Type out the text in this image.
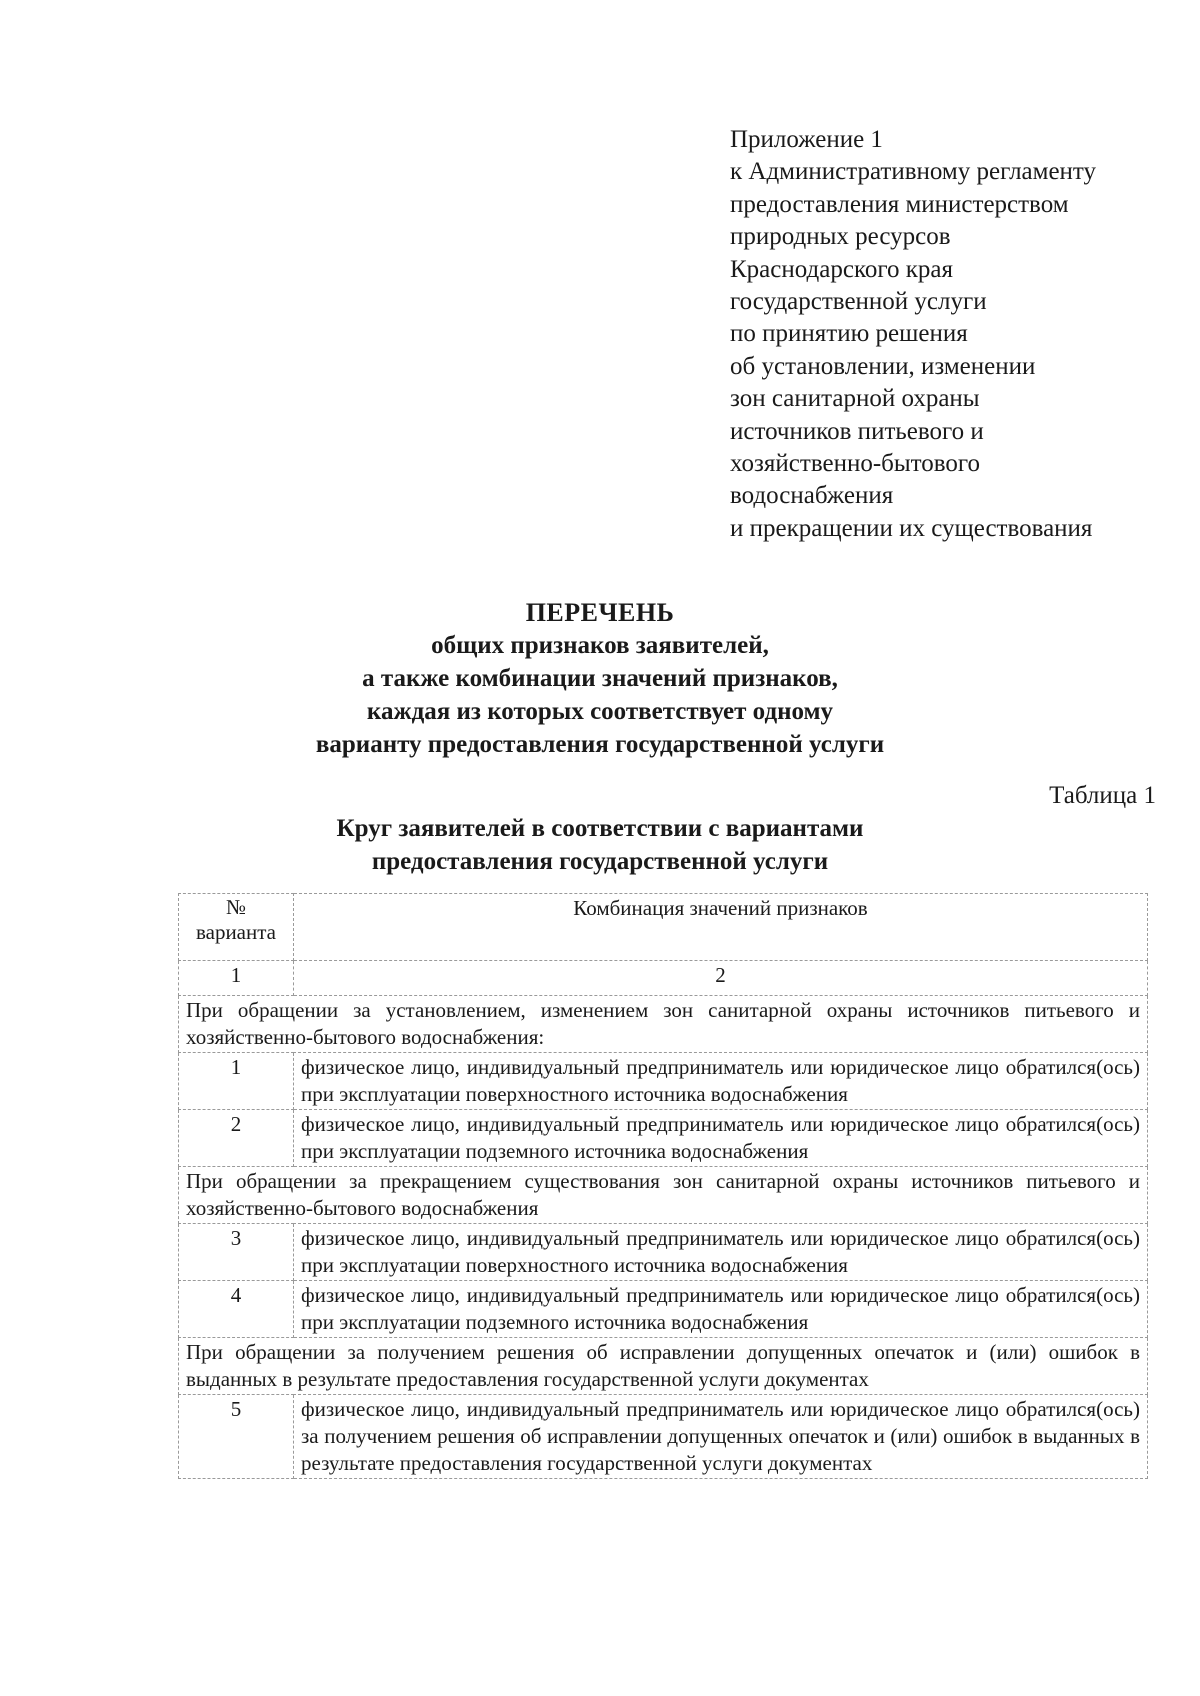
Приложение 1
к Административному регламенту
предоставления министерством
природных ресурсов
Краснодарского края
государственной услуги
по принятию решения
об установлении, изменении
зон санитарной охраны
источников питьевого и
хозяйственно-бытового
водоснабжения
и прекращении их существования
ПЕРЕЧЕНЬ
общих признаков заявителей,
а также комбинации значений признаков,
каждая из которых соответствует одному
варианту предоставления государственной услуги
Таблица 1
Круг заявителей в соответствии с вариантами
предоставления государственной услуги
№
варианта	Комбинация значений признаков
1	2
При обращении за установлением, изменением зон санитарной охраны источников питьевого и хозяйственно-бытового водоснабжения:	
1	физическое лицо, индивидуальный предприниматель или юридическое лицо обратился(ось) при эксплуатации поверхностного источника водоснабжения
2	физическое лицо, индивидуальный предприниматель или юридическое лицо обратился(ось) при эксплуатации подземного источника водоснабжения
При обращении за прекращением существования зон санитарной охраны источников питьевого и хозяйственно-бытового водоснабжения	
3	физическое лицо, индивидуальный предприниматель или юридическое лицо обратился(ось) при эксплуатации поверхностного источника водоснабжения
4	физическое лицо, индивидуальный предприниматель или юридическое лицо обратился(ось) при эксплуатации подземного источника водоснабжения
При обращении за получением решения об исправлении допущенных опечаток и (или) ошибок в выданных в результате предоставления государственной услуги документах	
5	физическое лицо, индивидуальный предприниматель или юридическое лицо обратился(ось) за получением решения об исправлении допущенных опечаток и (или) ошибок в выданных в результате предоставления государственной услуги документах
